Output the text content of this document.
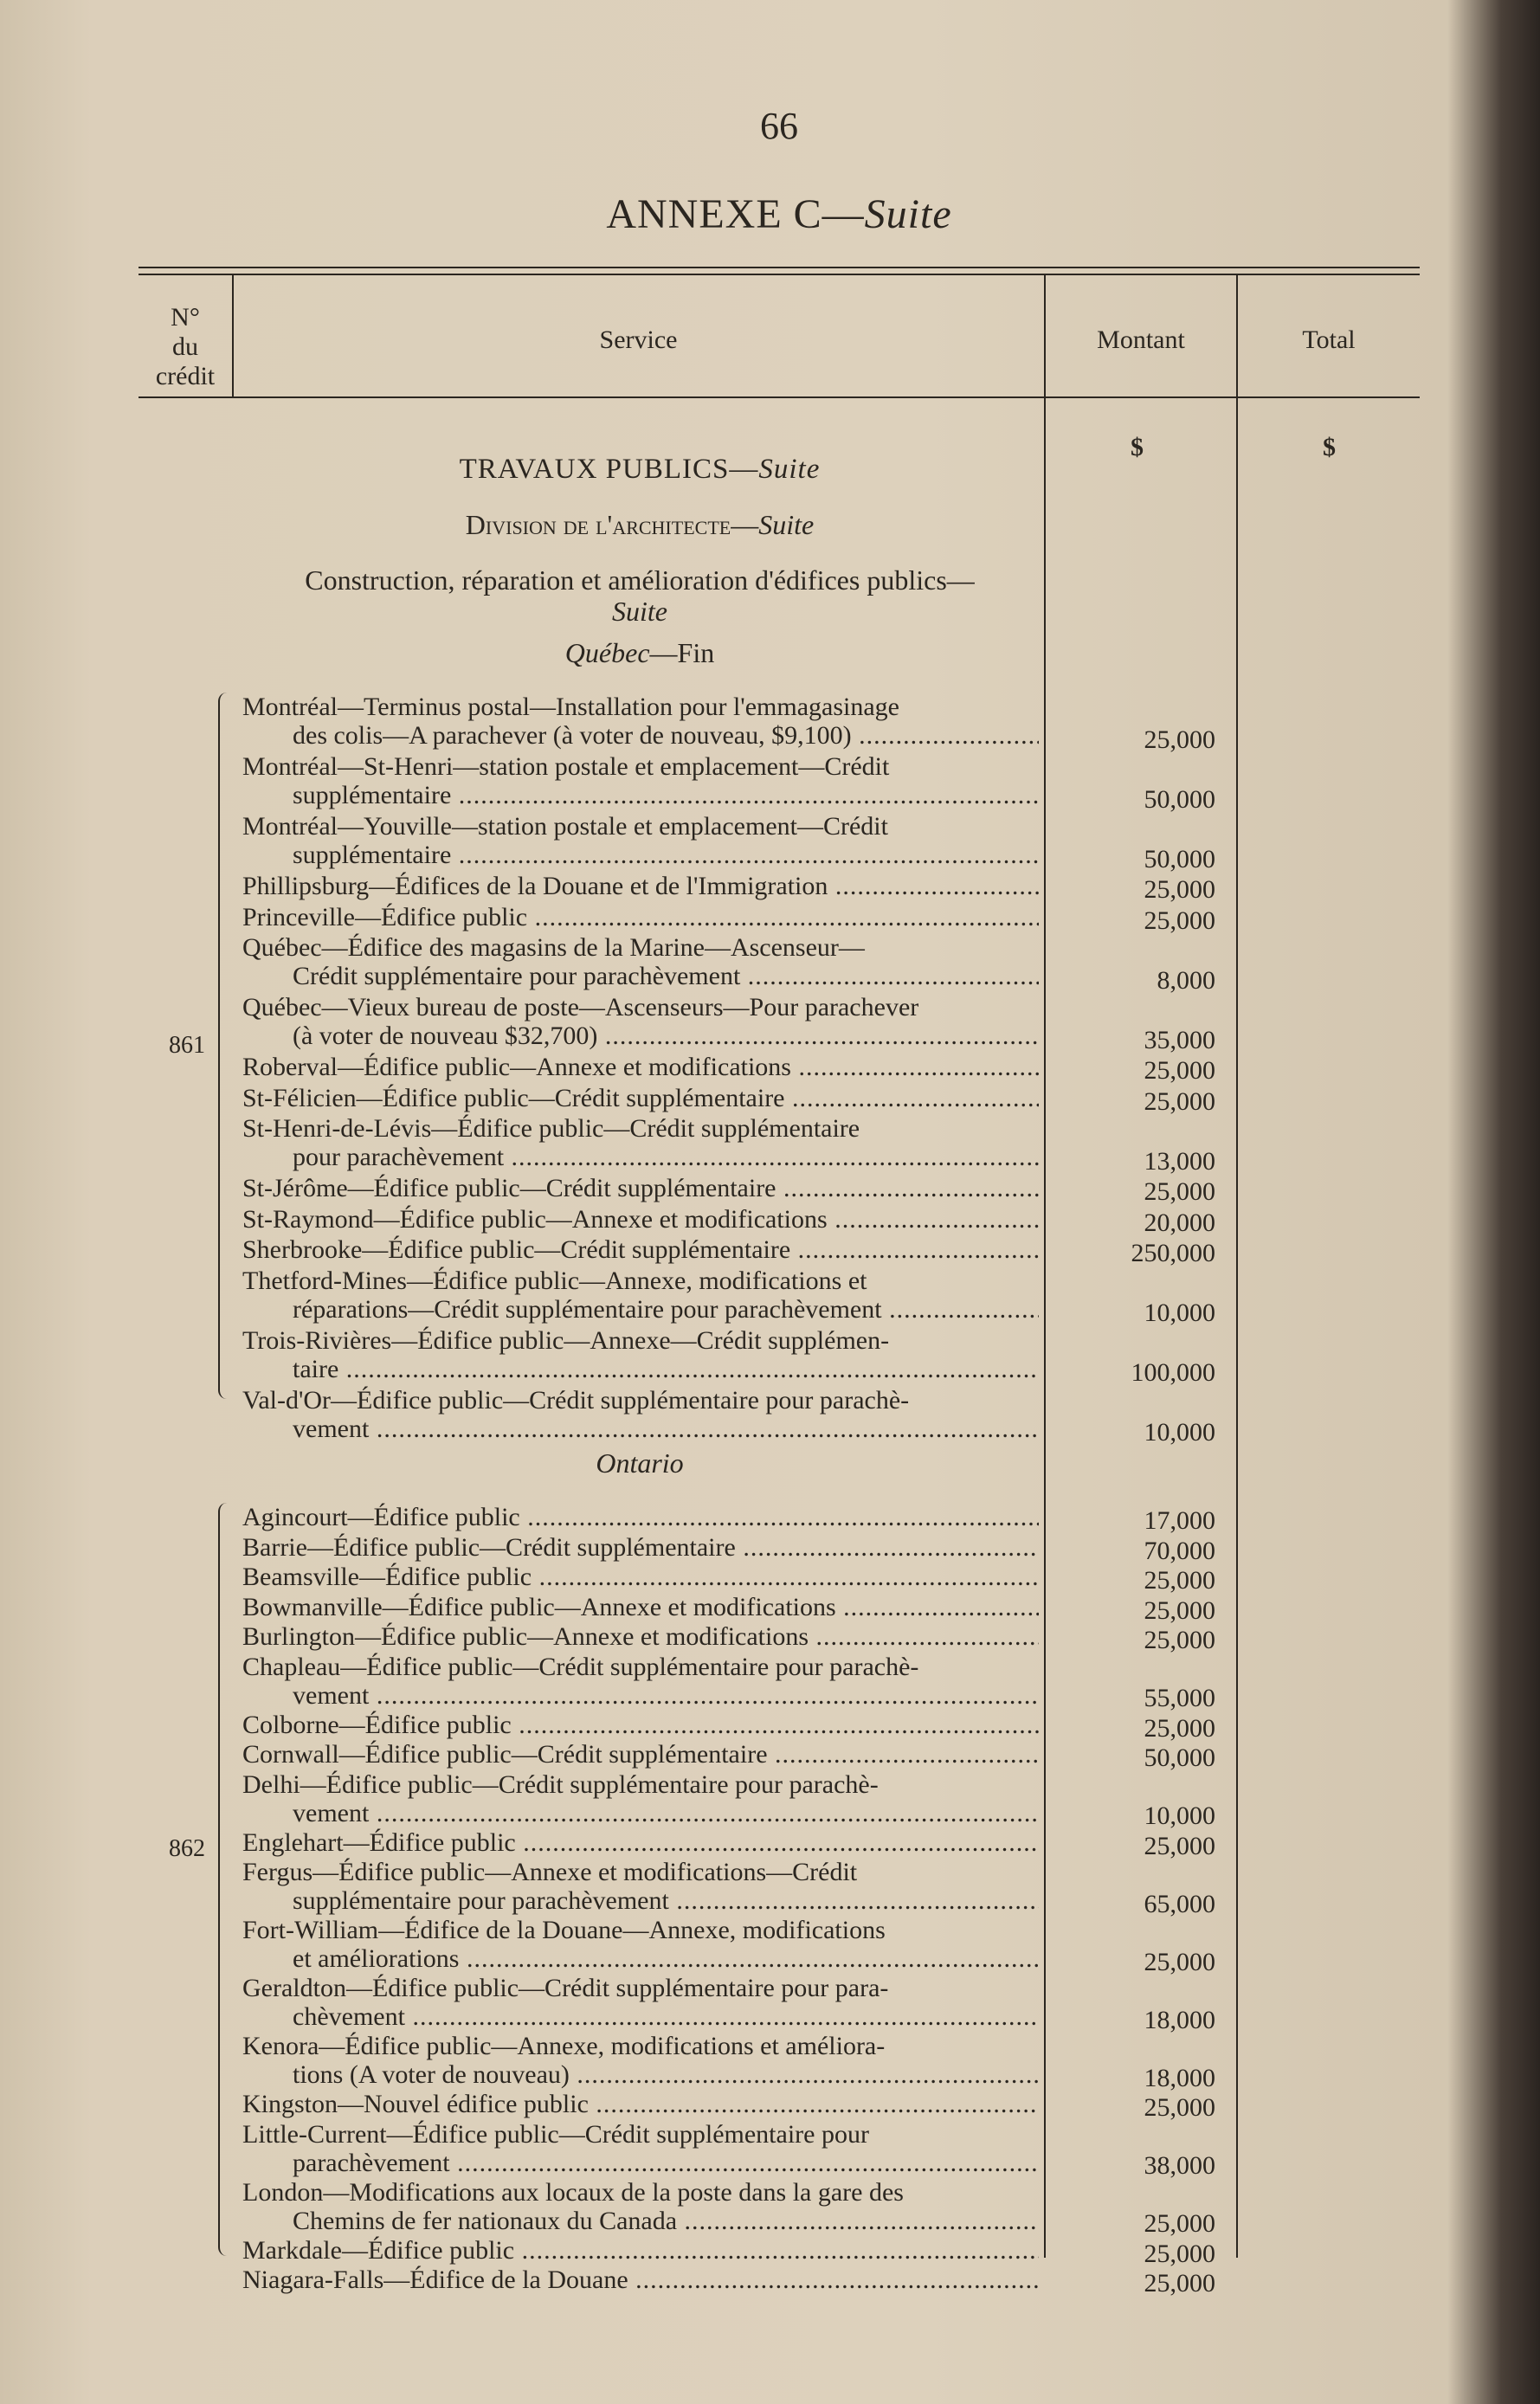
66
ANNEXE C—Suite
N°
du
crédit
Service	Montant	Total
$	$
TRAVAUX PUBLICS—Suite
Division de l'architecte—Suite
Construction, réparation et amélioration d'édifices publics—
Suite
Québec—Fin
861
Montréal—Terminus postal—Installation pour l'emmagasinage
des colis—A parachever (à voter de nouveau, $9,100) .....	25,000
Montréal—St-Henri—station postale et emplacement—Crédit
supplémentaire .....	50,000
Montréal—Youville—station postale et emplacement—Crédit
supplémentaire .....	50,000
Phillipsburg—Édifices de la Douane et de l'Immigration .....	25,000
Princeville—Édifice public .....	25,000
Québec—Édifice des magasins de la Marine—Ascenseur—
Crédit supplémentaire pour parachèvement .....	8,000
Québec—Vieux bureau de poste—Ascenseurs—Pour parachever
(à voter de nouveau $32,700) .....	35,000
Roberval—Édifice public—Annexe et modifications .....	25,000
St-Félicien—Édifice public—Crédit supplémentaire .....	25,000
St-Henri-de-Lévis—Édifice public—Crédit supplémentaire
pour parachèvement .....	13,000
St-Jérôme—Édifice public—Crédit supplémentaire .....	25,000
St-Raymond—Édifice public—Annexe et modifications .....	20,000
Sherbrooke—Édifice public—Crédit supplémentaire .....	250,000
Thetford-Mines—Édifice public—Annexe, modifications et
réparations—Crédit supplémentaire pour parachèvement .....	10,000
Trois-Rivières—Édifice public—Annexe—Crédit supplémen-
taire .....	100,000
Val-d'Or—Édifice public—Crédit supplémentaire pour parachè-
vement .....	10,000
Ontario
862
Agincourt—Édifice public .....	17,000
Barrie—Édifice public—Crédit supplémentaire .....	70,000
Beamsville—Édifice public .....	25,000
Bowmanville—Édifice public—Annexe et modifications .....	25,000
Burlington—Édifice public—Annexe et modifications .....	25,000
Chapleau—Édifice public—Crédit supplémentaire pour parachè-
vement .....	55,000
Colborne—Édifice public .....	25,000
Cornwall—Édifice public—Crédit supplémentaire .....	50,000
Delhi—Édifice public—Crédit supplémentaire pour parachè-
vement .....	10,000
Englehart—Édifice public .....	25,000
Fergus—Édifice public—Annexe et modifications—Crédit
supplémentaire pour parachèvement .....	65,000
Fort-William—Édifice de la Douane—Annexe, modifications
et améliorations .....	25,000
Geraldton—Édifice public—Crédit supplémentaire pour para-
chèvement .....	18,000
Kenora—Édifice public—Annexe, modifications et améliora-
tions (A voter de nouveau) .....	18,000
Kingston—Nouvel édifice public .....	25,000
Little-Current—Édifice public—Crédit supplémentaire pour
parachèvement .....	38,000
London—Modifications aux locaux de la poste dans la gare des
Chemins de fer nationaux du Canada .....	25,000
Markdale—Édifice public .....	25,000
Niagara-Falls—Édifice de la Douane .....	25,000
